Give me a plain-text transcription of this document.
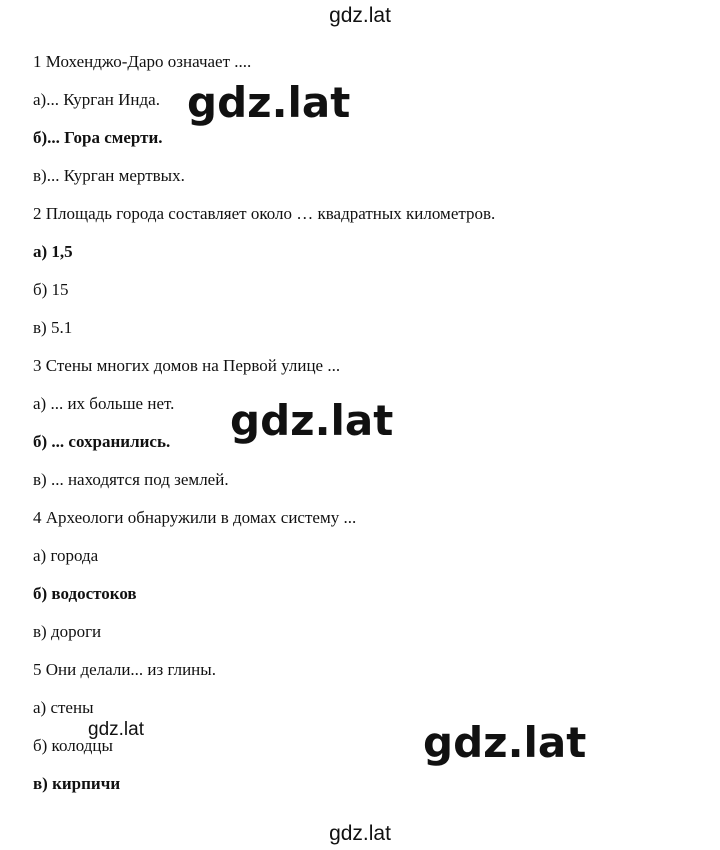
gdz.lat
1 Мохенджо-Даро означает ....
а)... Курган Инда.
б)... Гора смерти.
в)... Курган мертвых.
2 Площадь города составляет около … квадратных километров.
а) 1,5
б) 15
в) 5.1
3 Стены многих домов на Первой улице ...
а) ... их больше нет.
б) ... сохранились.
в) ... находятся под землей.
4 Археологи обнаружили в домах систему ...
а) города
б) водостоков
в) дороги
5 Они делали... из глины.
а) стены
б) колодцы
в) кирпичи
gdz.lat
gdz.lat
gdz.lat
gdz.lat
gdz.lat
